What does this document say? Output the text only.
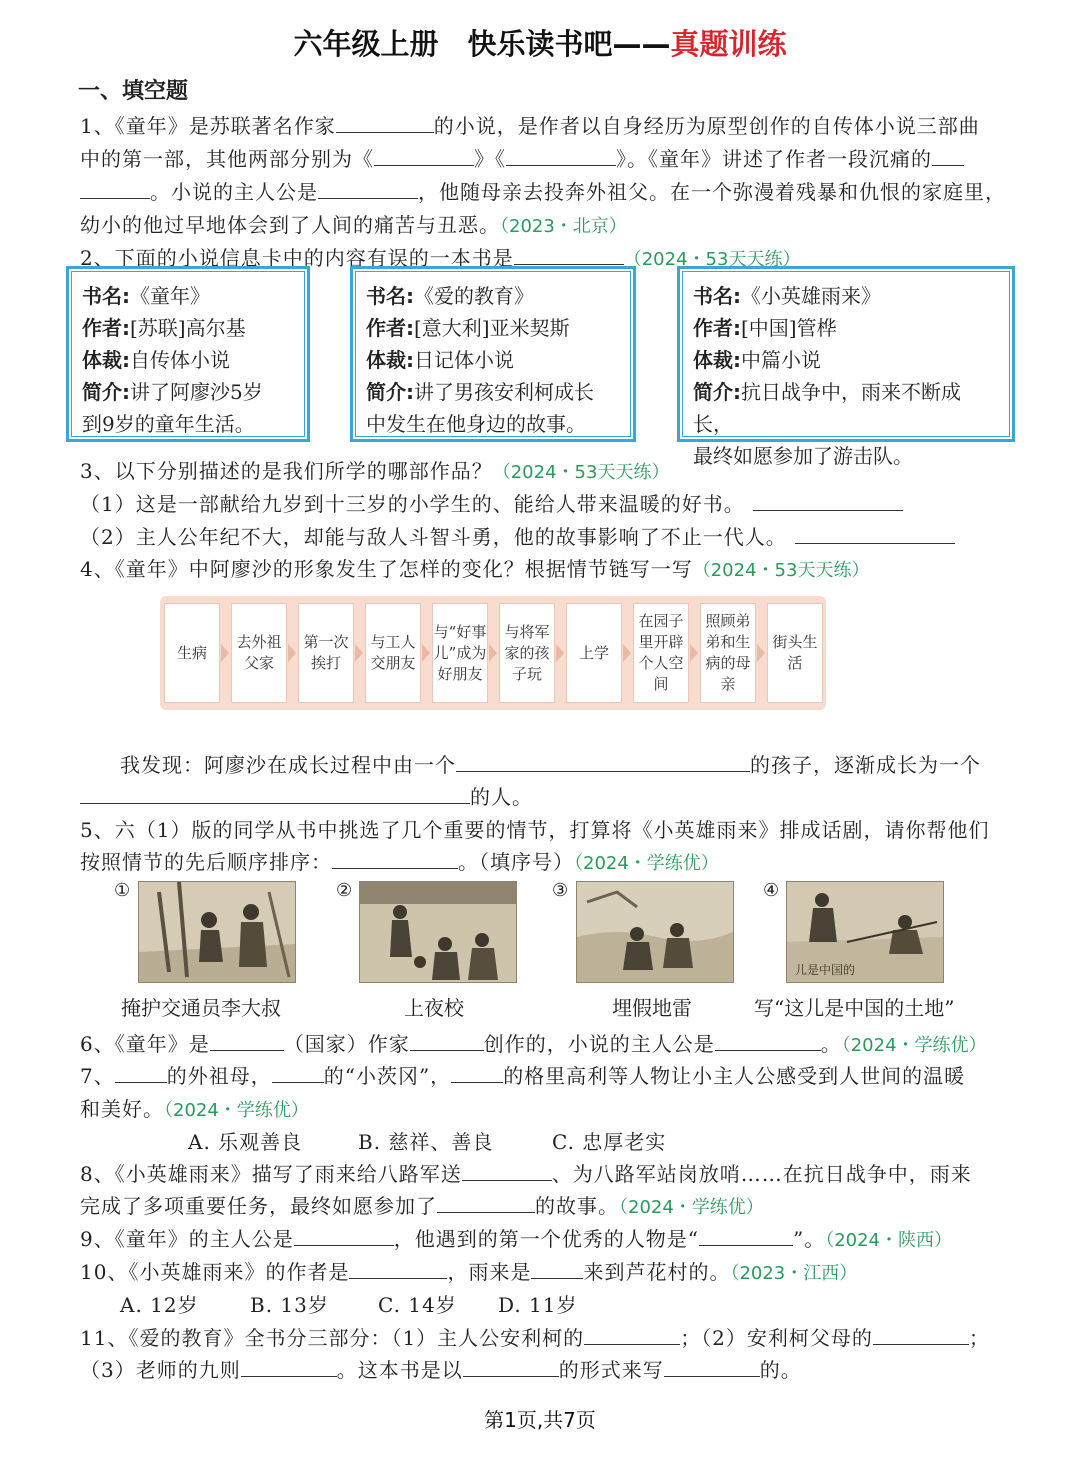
六年级上册　快乐读书吧——真题训练
一、填空题
1、《童年》是苏联著名作家	的小说，是作者以自身经历为原型创作的自传体小说三部曲
中的第一部，其他两部分别为《	》《	》。《童年》讲述了作者一段沉痛的
。小说的主人公是	，他随母亲去投奔外祖父。在一个弥漫着残暴和仇恨的家庭里，
幼小的他过早地体会到了人间的痛苦与丑恶。（2023・北京）
2、下面的小说信息卡中的内容有误的一本书是	（2024・53天天练）
书名:《童年》
作者:[苏联]高尔基
体裁:自传体小说
简介:讲了阿廖沙5岁
到9岁的童年生活。
书名:《爱的教育》
作者:[意大利]亚米契斯
体裁:日记体小说
简介:讲了男孩安利柯成长
中发生在他身边的故事。
书名:《小英雄雨来》
作者:[中国]管桦
体裁:中篇小说
简介:抗日战争中，雨来不断成长，
最终如愿参加了游击队。
3、以下分别描述的是我们所学的哪部作品？（2024・53天天练）
（1）这是一部献给九岁到十三岁的小学生的、能给人带来温暖的好书。
（2）主人公年纪不大，却能与敌人斗智斗勇，他的故事影响了不止一代人。
4、《童年》中阿廖沙的形象发生了怎样的变化？根据情节链写一写（2024・53天天练）
生病
去外祖父家
第一次挨打
与工人交朋友
与“好事儿”成为好朋友
与将军家的孩子玩
上学
在园子里开辟个人空间
照顾弟弟和生病的母亲
街头生活
我发现：阿廖沙在成长过程中由一个	的孩子，逐渐成长为一个
的人。
5、六（1）版的同学从书中挑选了几个重要的情节，打算将《小英雄雨来》排成话剧，请你帮他们
按照情节的先后顺序排序：	。（填序号）（2024・学练优）
①	②	③	④
儿是中国的
掩护交通员李大叔	上夜校	埋假地雷	写“这儿是中国的土地”
6、《童年》是	（国家）作家	创作的，小说的主人公是	。（2024・学练优）
7、	的外祖母，	的“小茨冈”，	的格里高利等人物让小主人公感受到人世间的温暖
和美好。（2024・学练优）
A. 乐观善良	B. 慈祥、善良	C. 忠厚老实
8、《小英雄雨来》描写了雨来给八路军送	、为八路军站岗放哨……在抗日战争中，雨来
完成了多项重要任务，最终如愿参加了	的故事。（2024・学练优）
9、《童年》的主人公是	，他遇到的第一个优秀的人物是“	”。（2024・陕西）
10、《小英雄雨来》的作者是	，雨来是	来到芦花村的。（2023・江西）
A. 12岁	B. 13岁 C. 14岁 D. 11岁
11、《爱的教育》全书分三部分：（1）主人公安利柯的	；（2）安利柯父母的	；
（3）老师的九则	。这本书是以	的形式来写	的。
第1页,共7页
